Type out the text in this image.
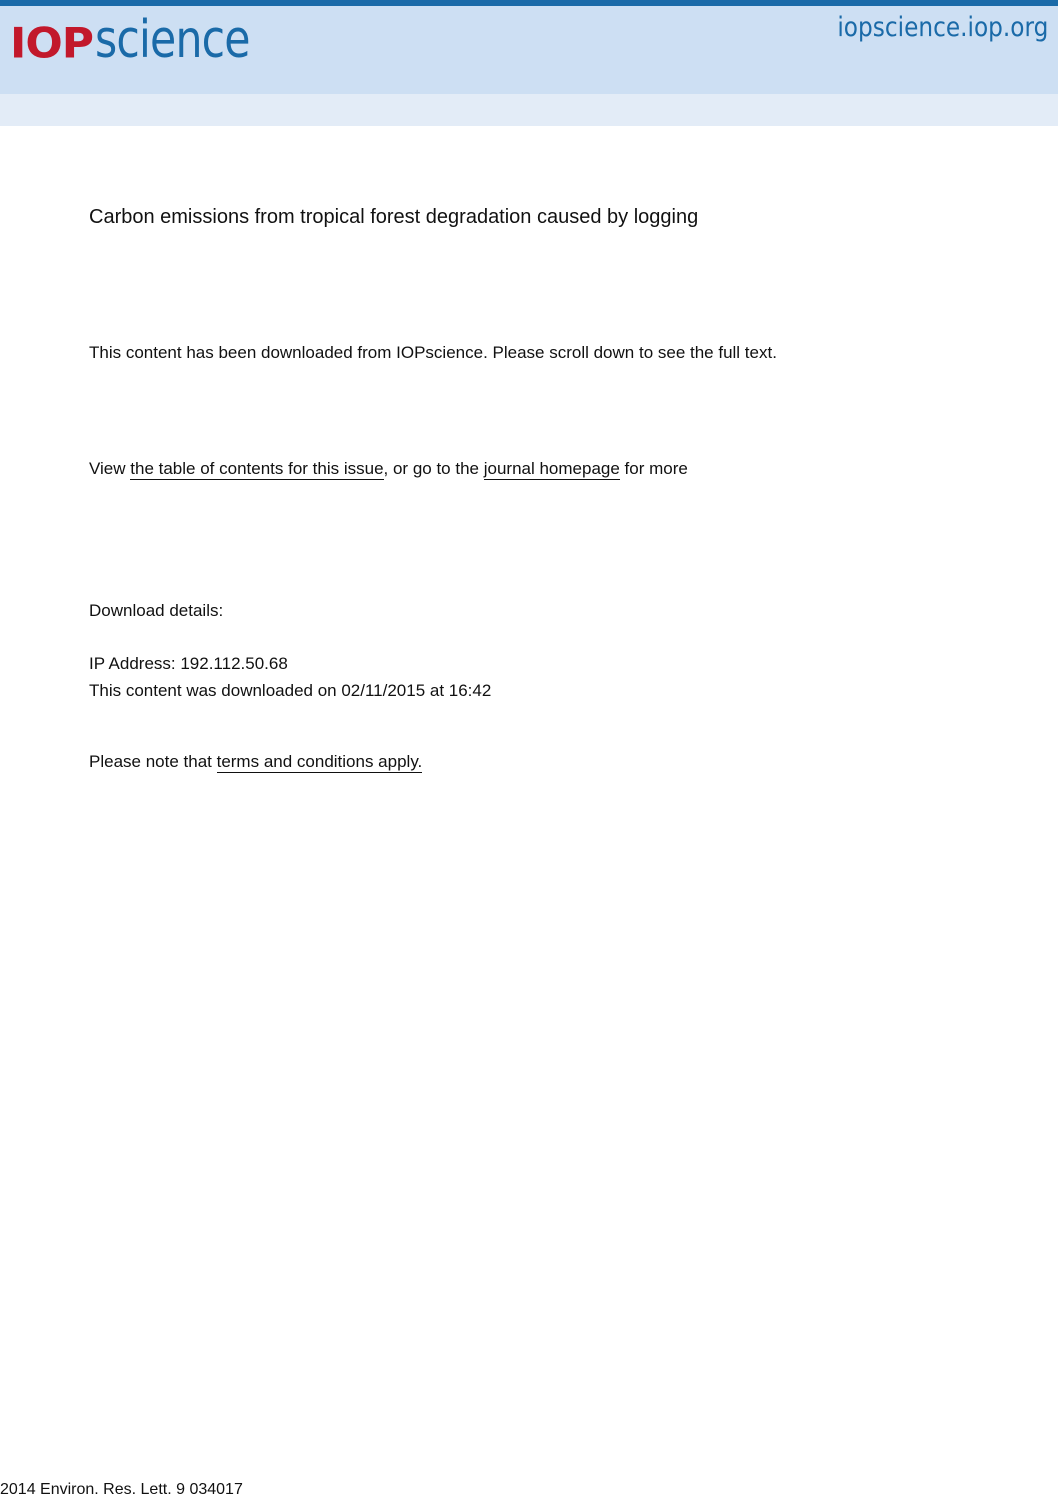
IOPscience	iopscience.iop.org
Carbon emissions from tropical forest degradation caused by logging
This content has been downloaded from IOPscience. Please scroll down to see the full text.
View the table of contents for this issue, or go to the journal homepage for more
Download details:
IP Address: 192.112.50.68
This content was downloaded on 02/11/2015 at 16:42
Please note that terms and conditions apply.
2014 Environ. Res. Lett. 9 034017
